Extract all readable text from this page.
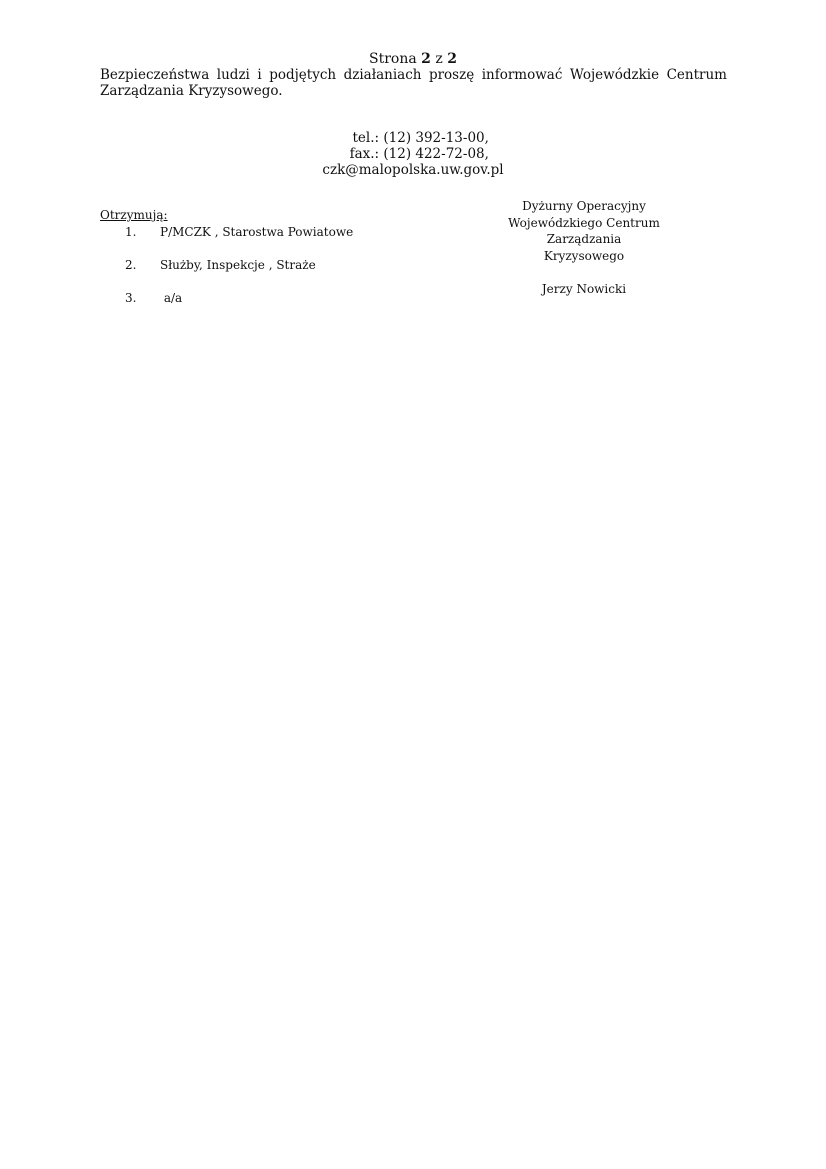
Strona 2 z 2
Bezpieczeństwa ludzi i podjętych działaniach proszę informować Wojewódzkie Centrum Zarządzania Kryzysowego.
tel.: (12) 392-13-00,
fax.: (12) 422-72-08,
czk@malopolska.uw.gov.pl
Otrzymują:
1.	P/MCZK , Starostwa Powiatowe
2.	Służby, Inspekcje , Straże
3.	a/a
Dyżurny Operacyjny
Wojewódzkiego Centrum Zarządzania
Kryzysowego
Jerzy Nowicki
